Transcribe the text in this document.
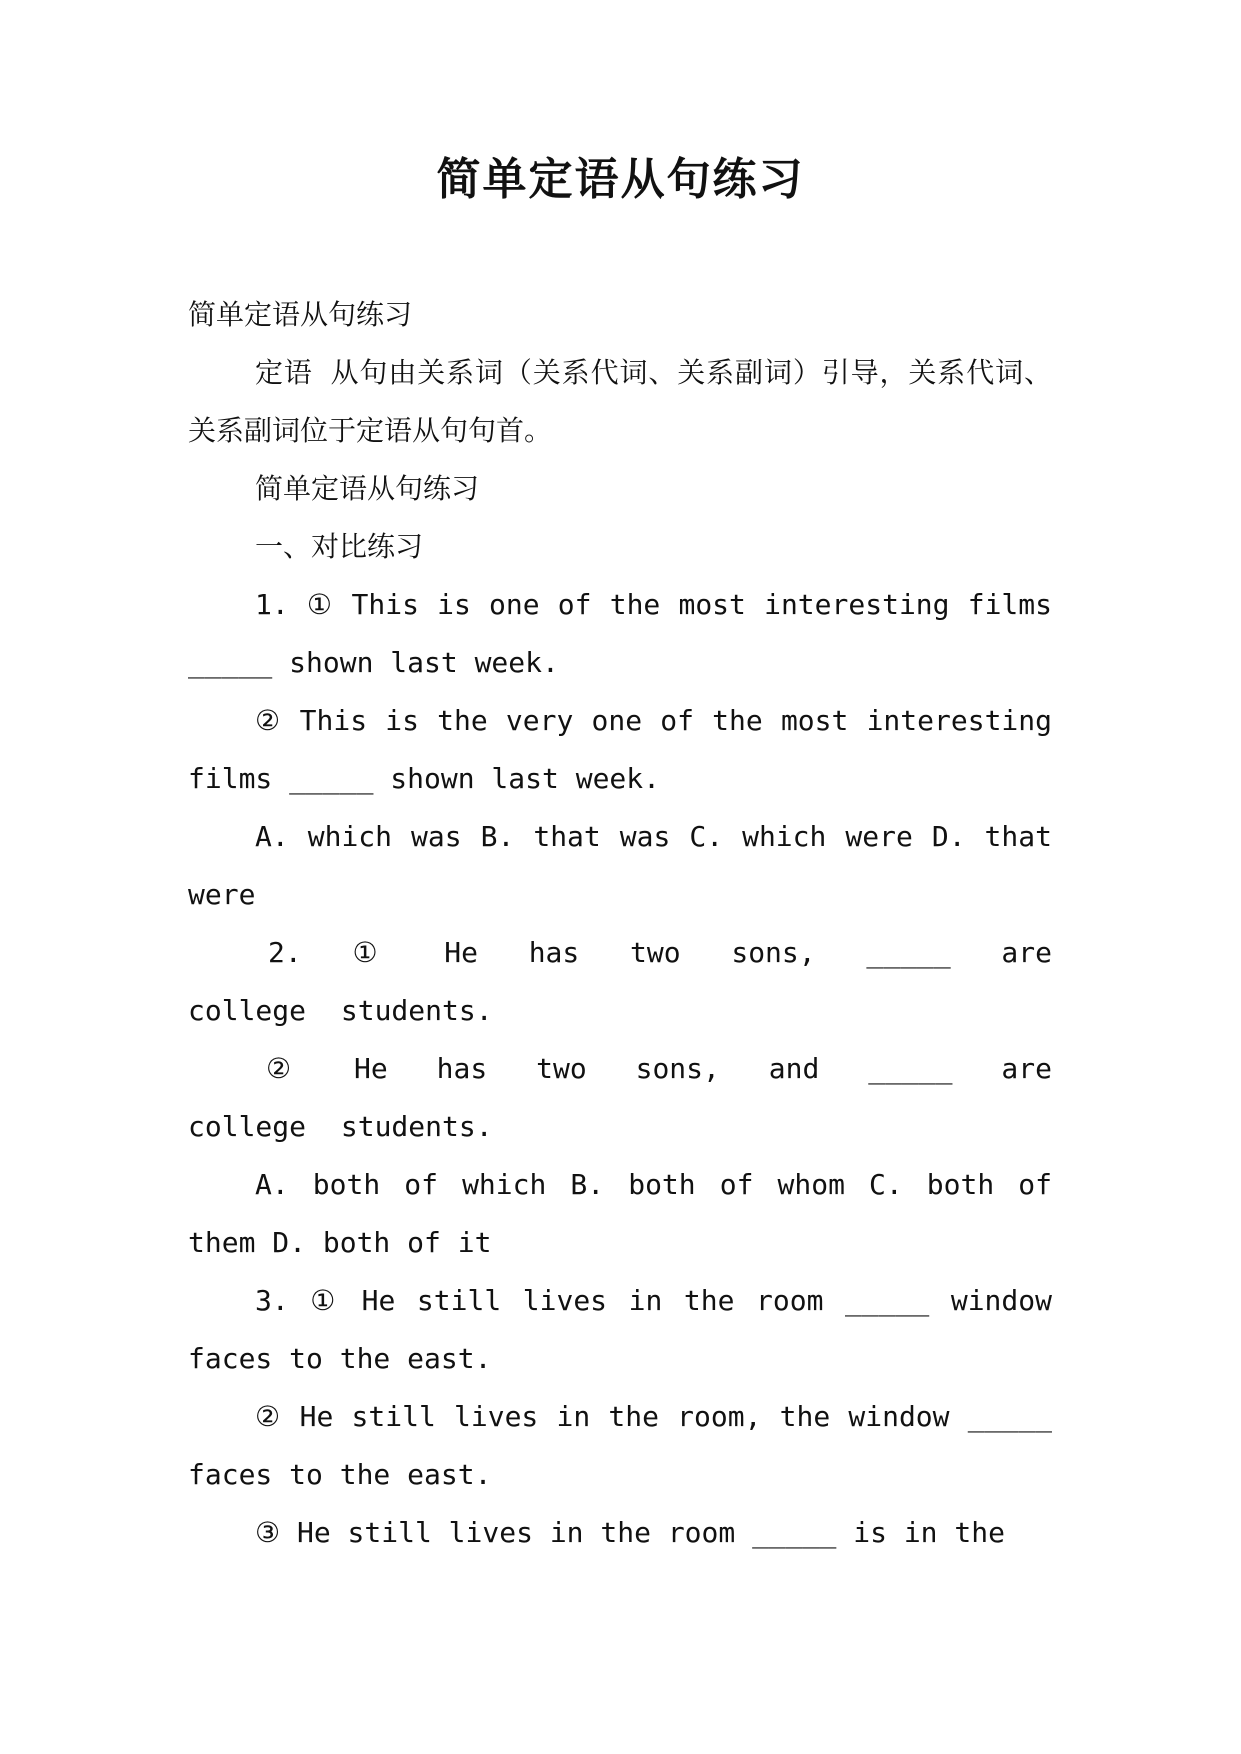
简单定语从句练习

简单定语从句练习

定语 从句由关系词（关系代词、关系副词）引导，关系代词、关系副词位于定语从句句首。

简单定语从句练习

一、对比练习

1. ① This is one of the most interesting films _____ shown last week.

② This is the very one of the most interesting films _____ shown last week.

A. which was B. that was C. which were D. that were

2. ① He has two sons, _____ are college students.

② He has two sons, and _____ are college students.

A. both of which B. both of whom C. both of them D. both of it

3. ① He still lives in the room _____ window faces to the east.

② He still lives in the room, the window _____ faces to the east.

③ He still lives in the room _____ is in the
